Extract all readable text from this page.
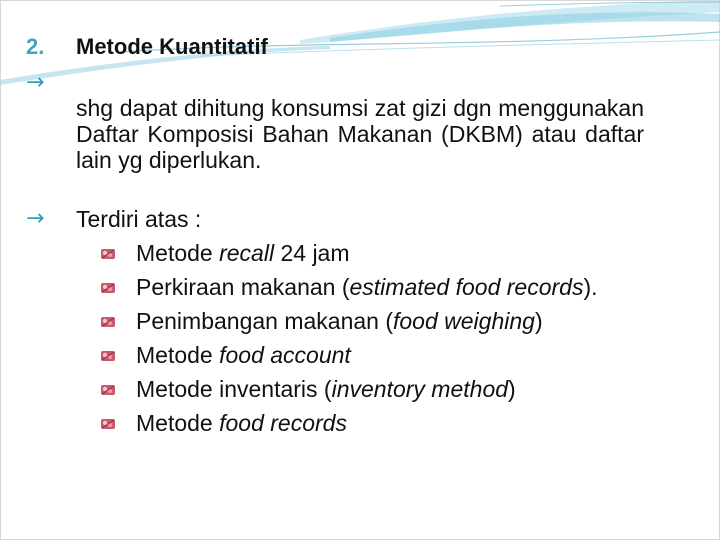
2. Metode Kuantitatif
→
shg dapat dihitung konsumsi zat gizi dgn menggunakan Daftar Komposisi Bahan Makanan (DKBM) atau daftar lain yg diperlukan.
→ Terdiri atas :
Metode recall 24 jam
Perkiraan makanan (estimated food records).
Penimbangan makanan (food weighing)
Metode food account
Metode inventaris (inventory method)
Metode food records
